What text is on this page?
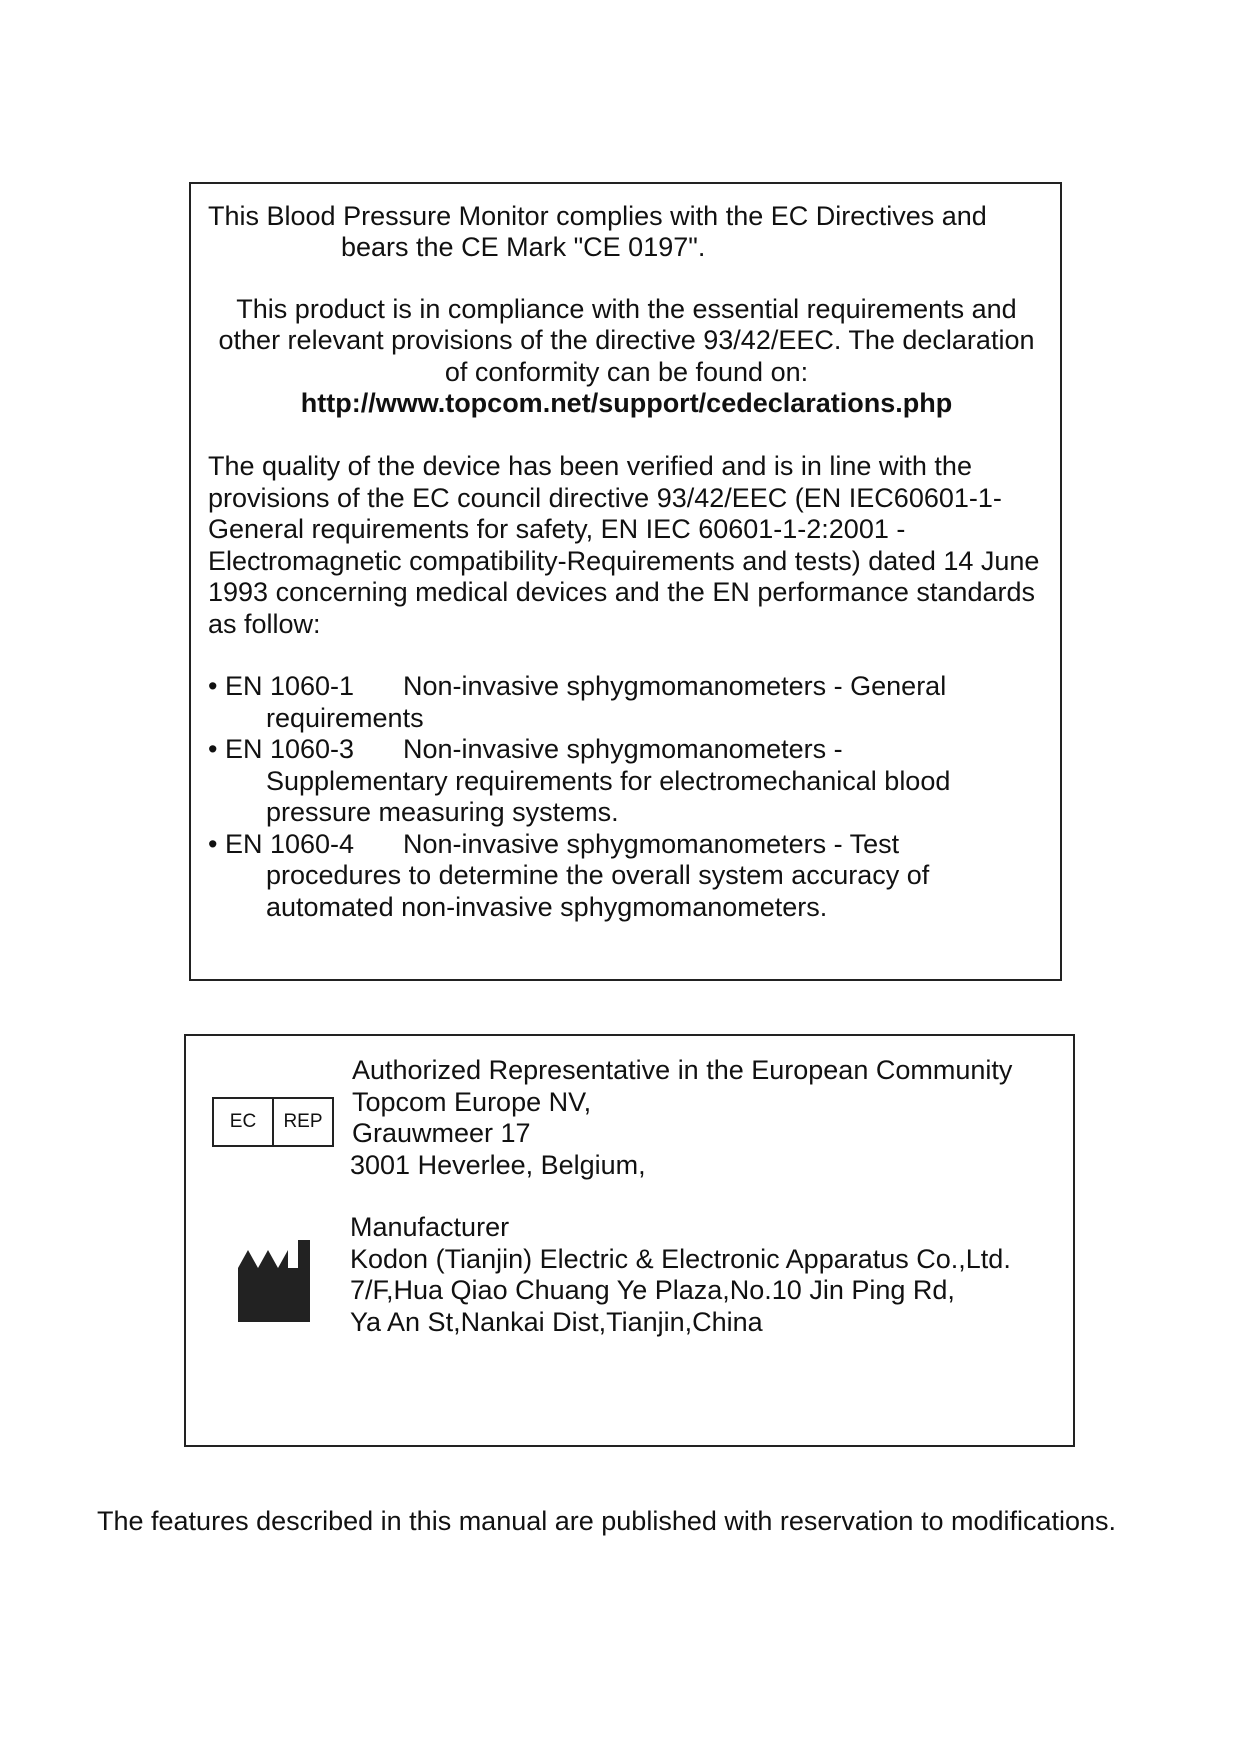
This Blood Pressure Monitor complies with the EC Directives and
bears the CE Mark "CE 0197".
This product is in compliance with the essential requirements and
other relevant provisions of the directive 93/42/EEC. The declaration
of conformity can be found on:
http://www.topcom.net/support/cedeclarations.php
The quality of the device has been verified and is in line with the
provisions of the EC council directive 93/42/EEC (EN IEC60601-1-
General requirements for safety, EN IEC 60601-1-2:2001 -
Electromagnetic compatibility-Requirements and tests) dated 14 June
1993 concerning medical devices and the EN performance standards
as follow:
• EN 1060-1 Non-invasive sphygmomanometers - General
requirements
• EN 1060-3 Non-invasive sphygmomanometers -
Supplementary requirements for electromechanical blood
pressure measuring systems.
• EN 1060-4 Non-invasive sphygmomanometers - Test
procedures to determine the overall system accuracy of
automated non-invasive sphygmomanometers.
EC	REP
Authorized Representative in the European Community
Topcom Europe NV,
Grauwmeer 17
3001 Heverlee, Belgium,
Manufacturer
Kodon (Tianjin) Electric & Electronic Apparatus Co.,Ltd.
7/F,Hua Qiao Chuang Ye Plaza,No.10 Jin Ping Rd,
Ya An St,Nankai Dist,Tianjin,China
The features described in this manual are published with reservation to modifications.
